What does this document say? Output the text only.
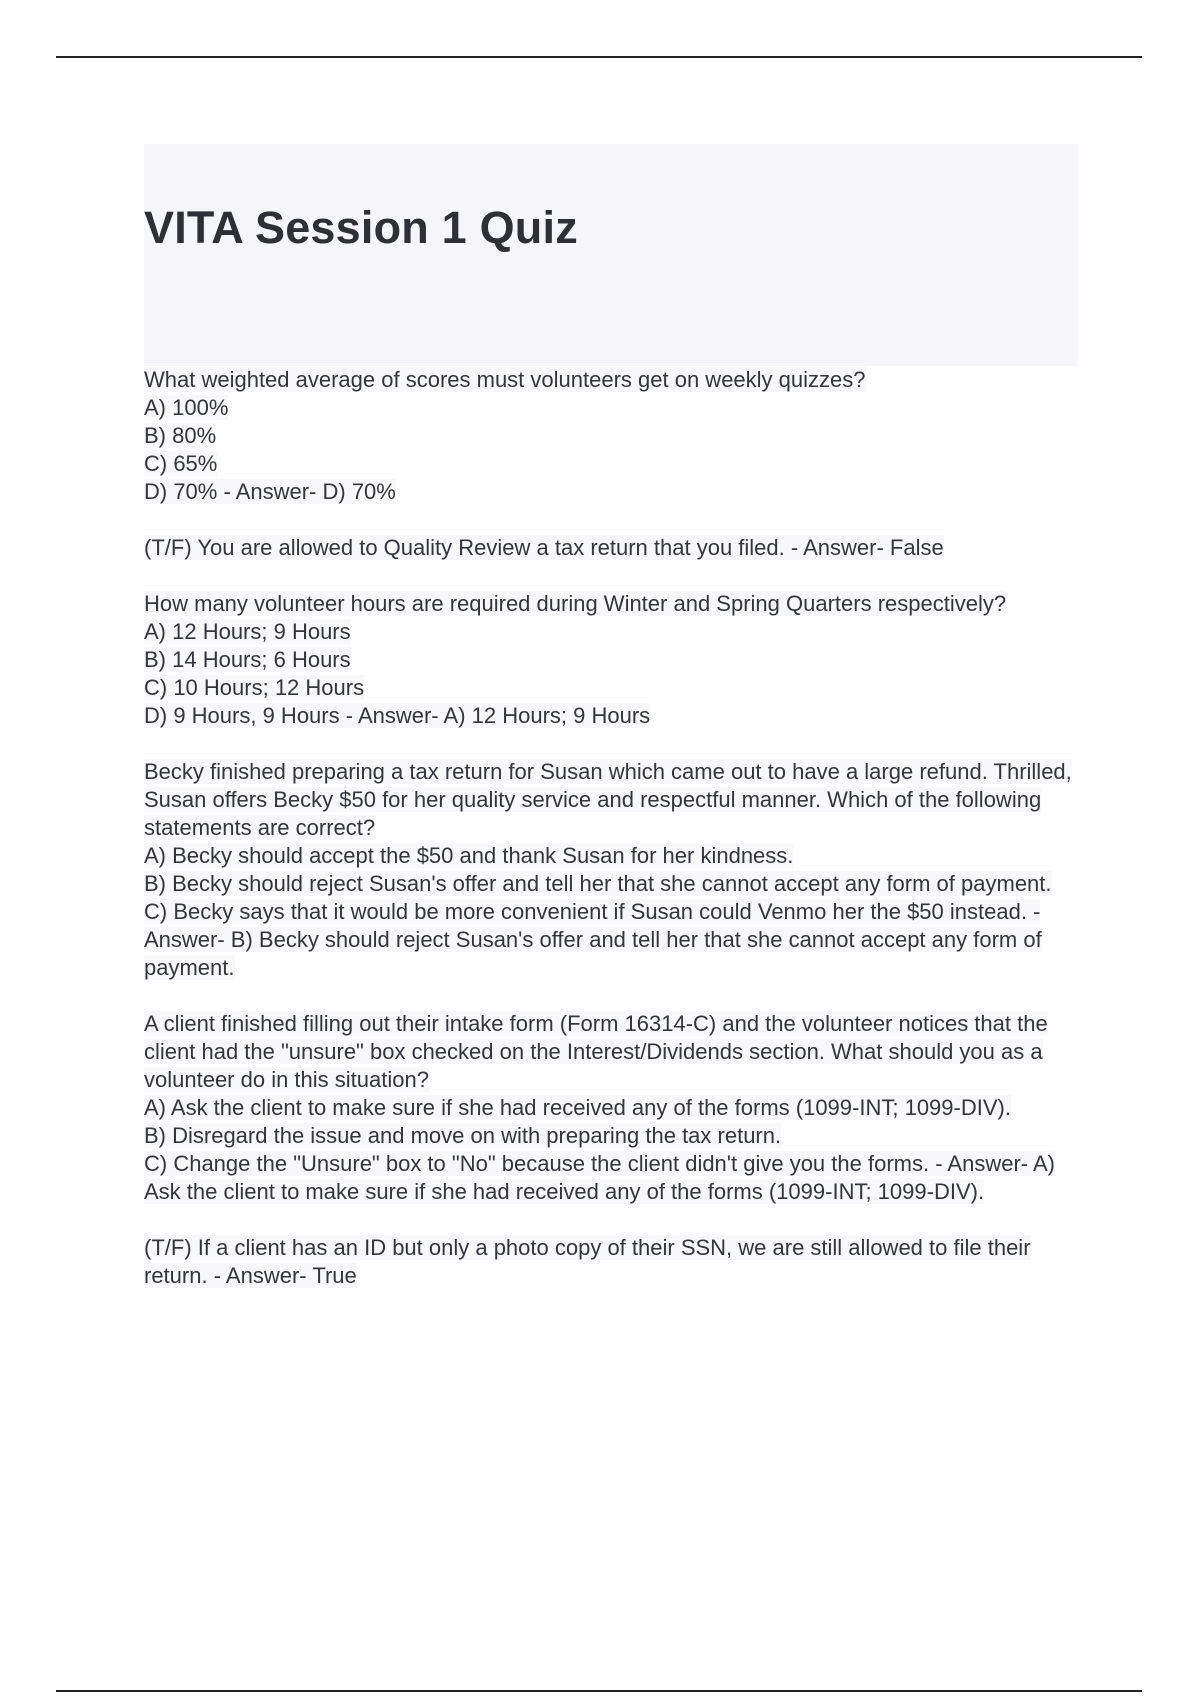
VITA Session 1 Quiz
What weighted average of scores must volunteers get on weekly quizzes?
A) 100%
B) 80%
C) 65%
D) 70% - Answer- D) 70%
(T/F) You are allowed to Quality Review a tax return that you filed. - Answer- False
How many volunteer hours are required during Winter and Spring Quarters respectively?
A) 12 Hours; 9 Hours
B) 14 Hours; 6 Hours
C) 10 Hours; 12 Hours
D) 9 Hours, 9 Hours - Answer- A) 12 Hours; 9 Hours
Becky finished preparing a tax return for Susan which came out to have a large refund. Thrilled, Susan offers Becky $50 for her quality service and respectful manner. Which of the following statements are correct?
A) Becky should accept the $50 and thank Susan for her kindness.
B) Becky should reject Susan's offer and tell her that she cannot accept any form of payment.
C) Becky says that it would be more convenient if Susan could Venmo her the $50 instead. - Answer- B) Becky should reject Susan's offer and tell her that she cannot accept any form of payment.
A client finished filling out their intake form (Form 16314-C) and the volunteer notices that the client had the "unsure" box checked on the Interest/Dividends section. What should you as a volunteer do in this situation?
A) Ask the client to make sure if she had received any of the forms (1099-INT; 1099-DIV).
B) Disregard the issue and move on with preparing the tax return.
C) Change the "Unsure" box to "No" because the client didn't give you the forms. - Answer- A) Ask the client to make sure if she had received any of the forms (1099-INT; 1099-DIV).
(T/F) If a client has an ID but only a photo copy of their SSN, we are still allowed to file their return. - Answer- True
